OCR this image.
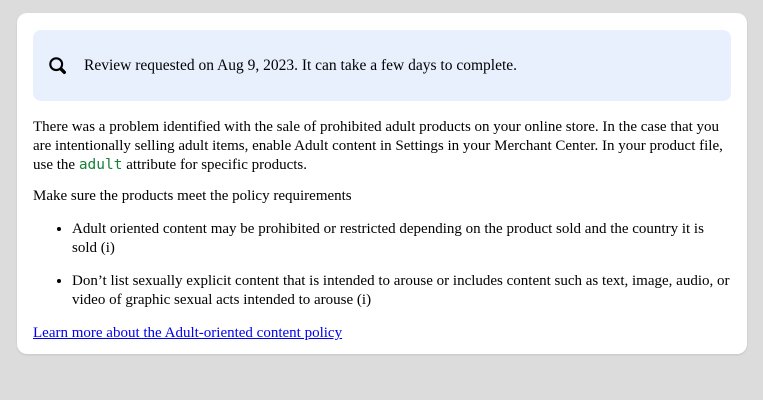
Review requested on Aug 9, 2023. It can take a few days to complete.

There was a problem identified with the sale of prohibited adult products on your online store. In the case that you are intentionally selling adult items, enable Adult content in Settings in your Merchant Center. In your product file, use the adult attribute for specific products.

Make sure the products meet the policy requirements

• Adult oriented content may be prohibited or restricted depending on the product sold and the country it is sold (i)
• Don’t list sexually explicit content that is intended to arouse or includes content such as text, image, audio, or video of graphic sexual acts intended to arouse (i)
Learn more about the Adult-oriented content policy
